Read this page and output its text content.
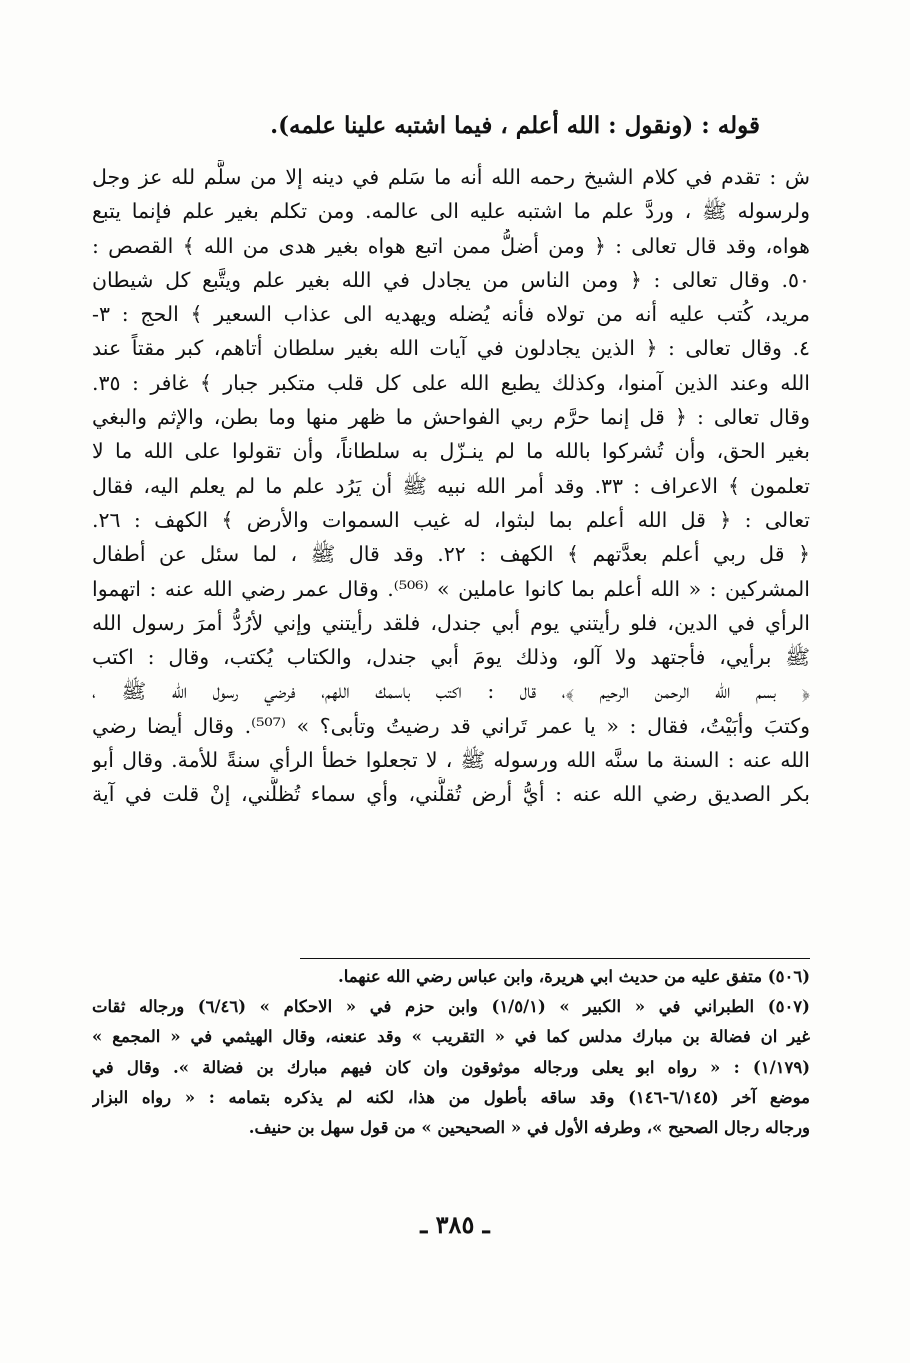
قوله : (ونقول : الله أعلم ، فيما اشتبه علينا علمه).
ش : تقدم في كلام الشيخ رحمه الله أنه ما سَلم في دينه إلا من سلَّم لله عز وجل
ولرسوله ﷺ ، وردَّ علم ما اشتبه عليه الى عالمه. ومن تكلم بغير علم فإنما يتبع
هواه، وقد قال تعالى : ﴿ ومن أضلُّ ممن اتبع هواه بغير هدى من الله ﴾ القصص :
٥٠. وقال تعالى : ﴿ ومن الناس من يجادل في الله بغير علم ويتَّبع كل شيطان
مريد، كُتب عليه أنه من تولاه فأنه يُضله ويهديه الى عذاب السعير ﴾ الحج : ٣-
٤. وقال تعالى : ﴿ الذين يجادلون في آيات الله بغير سلطان أتاهم، كبر مقتاً عند
الله وعند الذين آمنوا، وكذلك يطبع الله على كل قلب متكبر جبار ﴾ غافر : ٣٥.
وقال تعالى : ﴿ قل إنما حرَّم ربي الفواحش ما ظهر منها وما بطن، والإثم والبغي
بغير الحق، وأن تُشركوا بالله ما لم ينـزّل به سلطاناً، وأن تقولوا على الله ما لا
تعلمون ﴾ الاعراف : ٣٣. وقد أمر الله نبيه ﷺ أن يَرُد علم ما لم يعلم اليه، فقال
تعالى : ﴿ قل الله أعلم بما لبثوا، له غيب السموات والأرض ﴾ الكهف : ٢٦.
﴿ قل ربي أعلم بعدَّتهم ﴾ الكهف : ٢٢. وقد قال ﷺ ، لما سئل عن أطفال
المشركين : « الله أعلم بما كانوا عاملين » ⁽⁵⁰⁶⁾. وقال عمر رضي الله عنه : اتهموا
الرأي في الدين، فلو رأيتني يوم أبي جندل، فلقد رأيتني وإني لأرُدُّ أمرَ رسول الله
ﷺ برأيي، فأجتهد ولا آلو، وذلك يومَ أبي جندل، والكتاب يُكتب، وقال : اكتب
﴿ بسم الله الرحمن الرحيم ﴾، قال : اكتب باسمك اللهم، فرضي رسول الله ﷺ ،
وكتبَ وأبَيْتُ، فقال : « يا عمر تَراني قد رضيتُ وتأبى؟ » ⁽⁵⁰⁷⁾. وقال أيضا رضي
الله عنه : السنة ما سنَّه الله ورسوله ﷺ ، لا تجعلوا خطأ الرأي سنةً للأمة. وقال أبو
بكر الصديق رضي الله عنه : أيُّ أرض تُقلُّني، وأي سماء تُظلُّني، إنْ قلت في آية
(٥٠٦) متفق عليه من حديث ابي هريرة، وابن عباس رضي الله عنهما.
(٥٠٧) الطبراني في « الكبير » (١/٥/١) وابن حزم في « الاحكام » (٦/٤٦) ورجاله ثقات
غير ان فضالة بن مبارك مدلس كما في « التقريب » وقد عنعنه، وقال الهيثمي في « المجمع »
(١/١٧٩) : « رواه ابو يعلى ورجاله موثوقون وان كان فيهم مبارك بن فضالة ». وقال في
موضع آخر (٦/١٤٥-١٤٦) وقد ساقه بأطول من هذا، لكنه لم يذكره بتمامه : « رواه البزار
ورجاله رجال الصحيح »، وطرفه الأول في « الصحيحين » من قول سهل بن حنيف.
ـ ٣٨٥ ـ
